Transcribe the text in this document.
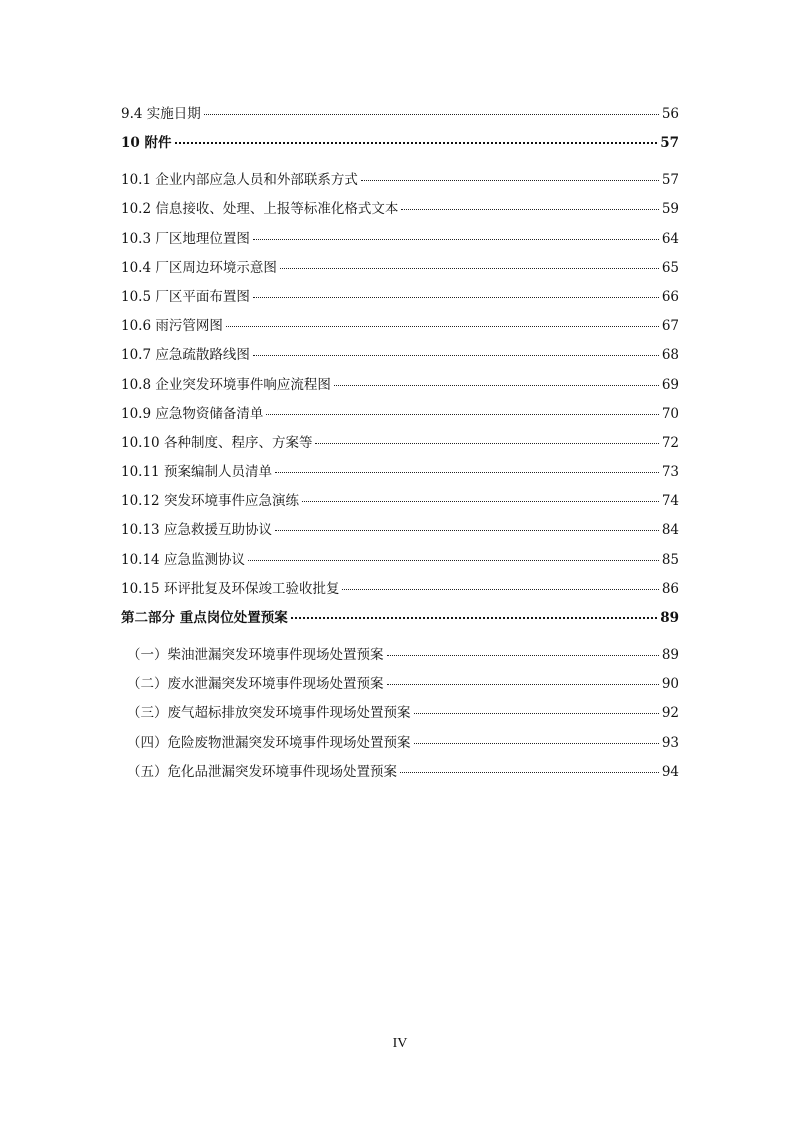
9.4 实施日期	56
10 附件	57
10.1 企业内部应急人员和外部联系方式	57
10.2 信息接收、处理、上报等标准化格式文本	59
10.3 厂区地理位置图	64
10.4 厂区周边环境示意图	65
10.5 厂区平面布置图	66
10.6 雨污管网图	67
10.7 应急疏散路线图	68
10.8 企业突发环境事件响应流程图	69
10.9 应急物资储备清单	70
10.10 各种制度、程序、方案等	72
10.11 预案编制人员清单	73
10.12 突发环境事件应急演练	74
10.13 应急救援互助协议	84
10.14 应急监测协议	85
10.15 环评批复及环保竣工验收批复	86
第二部分 重点岗位处置预案	89
（一）柴油泄漏突发环境事件现场处置预案	89
（二）废水泄漏突发环境事件现场处置预案	90
（三）废气超标排放突发环境事件现场处置预案	92
（四）危险废物泄漏突发环境事件现场处置预案	93
（五）危化品泄漏突发环境事件现场处置预案	94
IV
